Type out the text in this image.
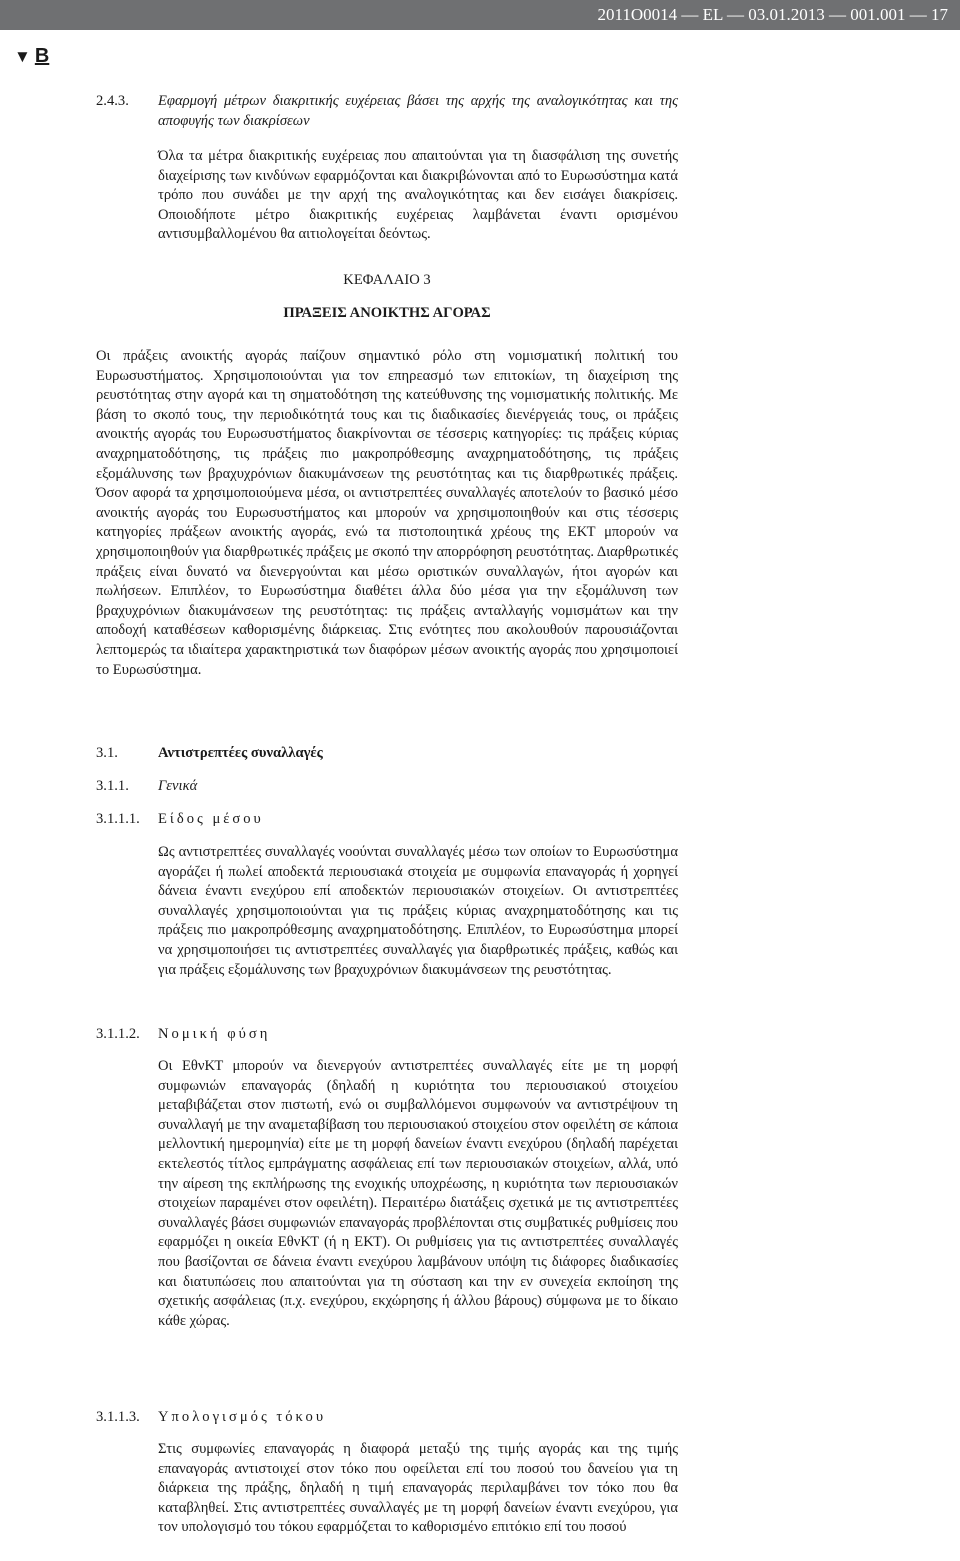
2011O0014 — EL — 03.01.2013 — 001.001 — 17
▼ B
2.4.3. Εφαρμογή μέτρων διακριτικής ευχέρειας βάσει της αρχής της αναλογικότητας και της αποφυγής των διακρίσεων

Όλα τα μέτρα διακριτικής ευχέρειας που απαιτούνται για τη διασφάλιση της συνετής διαχείρισης των κινδύνων εφαρμόζονται και διακριβώνονται από το Ευρωσύστημα κατά τρόπο που συνάδει με την αρχή της αναλογικότητας και δεν εισάγει διακρίσεις. Οποιοδήποτε μέτρο διακριτικής ευχέρειας λαμβάνεται έναντι ορισμένου αντισυμβαλλομένου θα αιτιολογείται δεόντως.

ΚΕΦΑΛΑΙΟ 3
ΠΡΑΞΕΙΣ ΑΝΟΙΚΤΗΣ ΑΓΟΡΑΣ

Οι πράξεις ανοικτής αγοράς παίζουν σημαντικό ρόλο στη νομισματική πολιτική του Ευρωσυστήματος. Χρησιμοποιούνται για τον επηρεασμό των επιτοκίων, τη διαχείριση της ρευστότητας στην αγορά και τη σηματοδότηση της κατεύθυνσης της νομισματικής πολιτικής. Με βάση το σκοπό τους, την περιοδικότητά τους και τις διαδικασίες διενέργειάς τους, οι πράξεις ανοικτής αγοράς του Ευρωσυστήματος διακρίνονται σε τέσσερις κατηγορίες: τις πράξεις κύριας αναχρηματοδότησης, τις πράξεις πιο μακροπρόθεσμης αναχρηματοδότησης, τις πράξεις εξομάλυνσης των βραχυχρόνιων διακυμάνσεων της ρευστότητας και τις διαρθρωτικές πράξεις. Όσον αφορά τα χρησιμοποιούμενα μέσα, οι αντιστρεπτέες συναλλαγές αποτελούν το βασικό μέσο ανοικτής αγοράς του Ευρωσυστήματος και μπορούν να χρησιμοποιηθούν και στις τέσσερις κατηγορίες πράξεων ανοικτής αγοράς, ενώ τα πιστοποιητικά χρέους της ΕΚΤ μπορούν να χρησιμοποιηθούν για διαρθρωτικές πράξεις με σκοπό την απορρόφηση ρευστότητας. Διαρθρωτικές πράξεις είναι δυνατό να διενεργούνται και μέσω οριστικών συναλλαγών, ήτοι αγορών και πωλήσεων. Επιπλέον, το Ευρωσύστημα διαθέτει άλλα δύο μέσα για την εξομάλυνση των βραχυχρόνιων διακυμάνσεων της ρευστότητας: τις πράξεις ανταλλαγής νομισμάτων και την αποδοχή καταθέσεων καθορισμένης διάρκειας. Στις ενότητες που ακολουθούν παρουσιάζονται λεπτομερώς τα ιδιαίτερα χαρακτηριστικά των διαφόρων μέσων ανοικτής αγοράς που χρησιμοποιεί το Ευρωσύστημα.

3.1.	Αντιστρεπτέες συναλλαγές
3.1.1. Γενικά
3.1.1.1. Είδος μέσου

Ως αντιστρεπτέες συναλλαγές νοούνται συναλλαγές μέσω των οποίων το Ευρωσύστημα αγοράζει ή πωλεί αποδεκτά περιουσιακά στοιχεία με συμφωνία επαναγοράς ή χορηγεί δάνεια έναντι ενεχύρου επί αποδεκτών περιουσιακών στοιχείων. Οι αντιστρεπτέες συναλλαγές χρησιμοποιούνται για τις πράξεις κύριας αναχρηματοδότησης και τις πράξεις πιο μακροπρόθεσμης αναχρηματοδότησης. Επιπλέον, το Ευρωσύστημα μπορεί να χρησιμοποιήσει τις αντιστρεπτέες συναλλαγές για διαρθρωτικές πράξεις, καθώς και για πράξεις εξομάλυνσης των βραχυχρόνιων διακυμάνσεων της ρευστότητας.

3.1.1.2. Νομική φύση

Οι ΕθνΚΤ μπορούν να διενεργούν αντιστρεπτέες συναλλαγές είτε με τη μορφή συμφωνιών επαναγοράς (δηλαδή η κυριότητα του περιουσιακού στοιχείου μεταβιβάζεται στον πιστωτή, ενώ οι συμβαλλόμενοι συμφωνούν να αντιστρέψουν τη συναλλαγή με την αναμεταβίβαση του περιουσιακού στοιχείου στον οφειλέτη σε κάποια μελλοντική ημερομηνία) είτε με τη μορφή δανείων έναντι ενεχύρου (δηλαδή παρέχεται εκτελεστός τίτλος εμπράγματης ασφάλειας επί των περιουσιακών στοιχείων, αλλά, υπό την αίρεση της εκπλήρωσης της ενοχικής υποχρέωσης, η κυριότητα των περιουσιακών στοιχείων παραμένει στον οφειλέτη). Περαιτέρω διατάξεις σχετικά με τις αντιστρεπτέες συναλλαγές βάσει συμφωνιών επαναγοράς προβλέπονται στις συμβατικές ρυθμίσεις που εφαρμόζει η οικεία ΕθνΚΤ (ή η ΕΚΤ). Οι ρυθμίσεις για τις αντιστρεπτέες συναλλαγές που βασίζονται σε δάνεια έναντι ενεχύρου λαμβάνουν υπόψη τις διάφορες διαδικασίες και διατυπώσεις που απαιτούνται για τη σύσταση και την εν συνεχεία εκποίηση της σχετικής ασφάλειας (π.χ. ενεχύρου, εκχώρησης ή άλλου βάρους) σύμφωνα με το δίκαιο κάθε χώρας.

3.1.1.3. Υπολογισμός τόκου

Στις συμφωνίες επαναγοράς η διαφορά μεταξύ της τιμής αγοράς και της τιμής επαναγοράς αντιστοιχεί στον τόκο που οφείλεται επί του ποσού του δανείου για τη διάρκεια της πράξης, δηλαδή η τιμή επαναγοράς περιλαμβάνει τον τόκο που θα καταβληθεί. Στις αντιστρεπτέες συναλλαγές με τη μορφή δανείων έναντι ενεχύρου, για τον υπολογισμό του τόκου εφαρμόζεται το καθορισμένο επιτόκιο επί του ποσού
